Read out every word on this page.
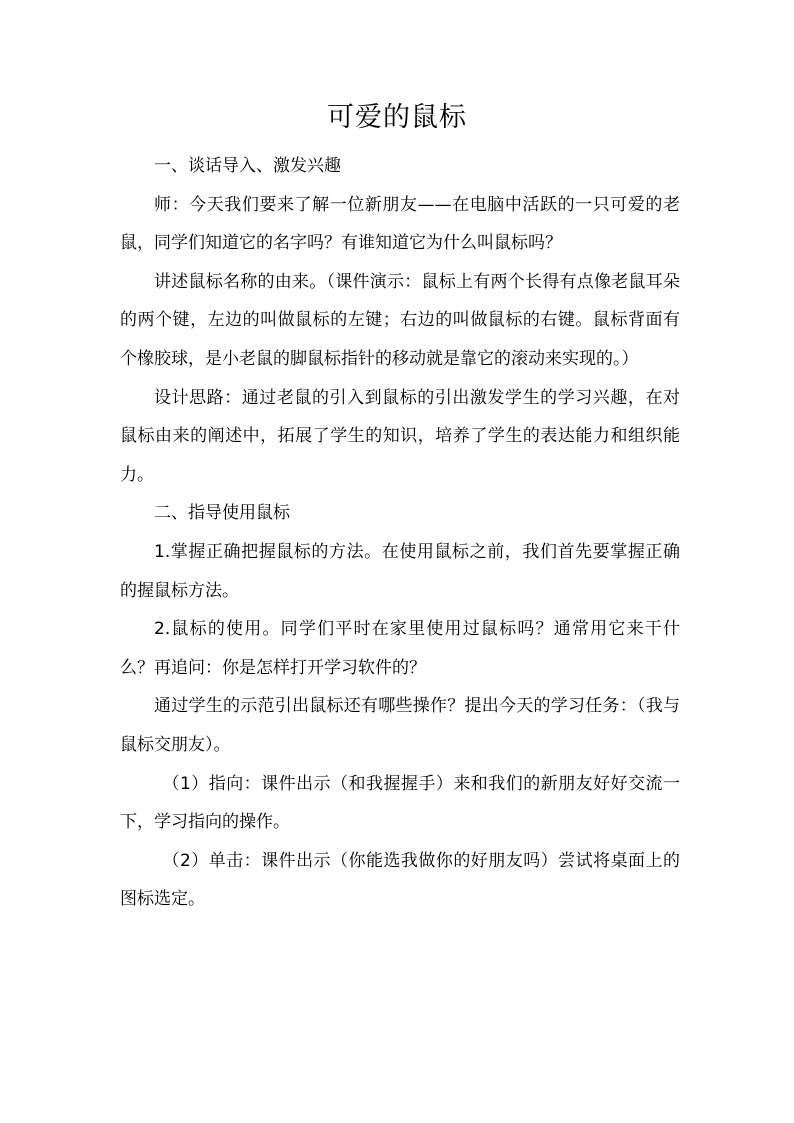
可爱的鼠标

一、谈话导入、激发兴趣

师：今天我们要来了解一位新朋友——在电脑中活跃的一只可爱的老鼠，同学们知道它的名字吗？有谁知道它为什么叫鼠标吗？

讲述鼠标名称的由来。（课件演示：鼠标上有两个长得有点像老鼠耳朵的两个键，左边的叫做鼠标的左键；右边的叫做鼠标的右键。鼠标背面有个橡胶球，是小老鼠的脚鼠标指针的移动就是靠它的滚动来实现的。）

设计思路：通过老鼠的引入到鼠标的引出激发学生的学习兴趣，在对鼠标由来的阐述中，拓展了学生的知识，培养了学生的表达能力和组织能力。

二、指导使用鼠标

1.掌握正确把握鼠标的方法。在使用鼠标之前，我们首先要掌握正确的握鼠标方法。

2.鼠标的使用。同学们平时在家里使用过鼠标吗？通常用它来干什么？再追问：你是怎样打开学习软件的？

通过学生的示范引出鼠标还有哪些操作？提出今天的学习任务：（我与鼠标交朋友）。

（1）指向：课件出示（和我握握手）来和我们的新朋友好好交流一下，学习指向的操作。

（2）单击：课件出示（你能选我做你的好朋友吗）尝试将桌面上的图标选定。
